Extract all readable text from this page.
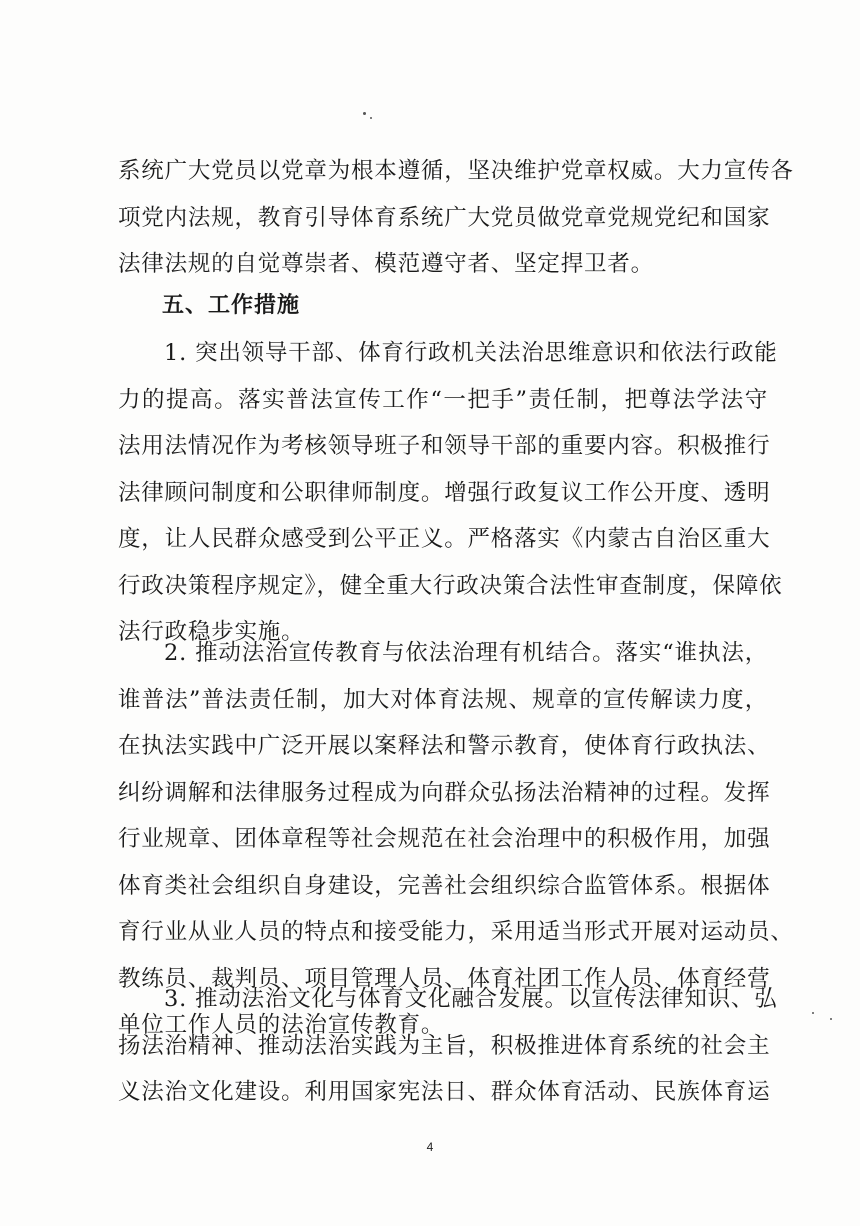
系统广大党员以党章为根本遵循，坚决维护党章权威。大力宣传各
项党内法规，教育引导体育系统广大党员做党章党规党纪和国家
法律法规的自觉尊崇者、模范遵守者、坚定捍卫者。
五、工作措施
1. 突出领导干部、体育行政机关法治思维意识和依法行政能
力的提高。落实普法宣传工作“一把手”责任制，把尊法学法守
法用法情况作为考核领导班子和领导干部的重要内容。积极推行
法律顾问制度和公职律师制度。增强行政复议工作公开度、透明
度，让人民群众感受到公平正义。严格落实《内蒙古自治区重大
行政决策程序规定》，健全重大行政决策合法性审查制度，保障依
法行政稳步实施。
2. 推动法治宣传教育与依法治理有机结合。落实“谁执法，
谁普法”普法责任制，加大对体育法规、规章的宣传解读力度，
在执法实践中广泛开展以案释法和警示教育，使体育行政执法、
纠纷调解和法律服务过程成为向群众弘扬法治精神的过程。发挥
行业规章、团体章程等社会规范在社会治理中的积极作用，加强
体育类社会组织自身建设，完善社会组织综合监管体系。根据体
育行业从业人员的特点和接受能力，采用适当形式开展对运动员、
教练员、裁判员、项目管理人员、体育社团工作人员、体育经营
单位工作人员的法治宣传教育。
3. 推动法治文化与体育文化融合发展。以宣传法律知识、弘
扬法治精神、推动法治实践为主旨，积极推进体育系统的社会主
义法治文化建设。利用国家宪法日、群众体育活动、民族体育运
4
